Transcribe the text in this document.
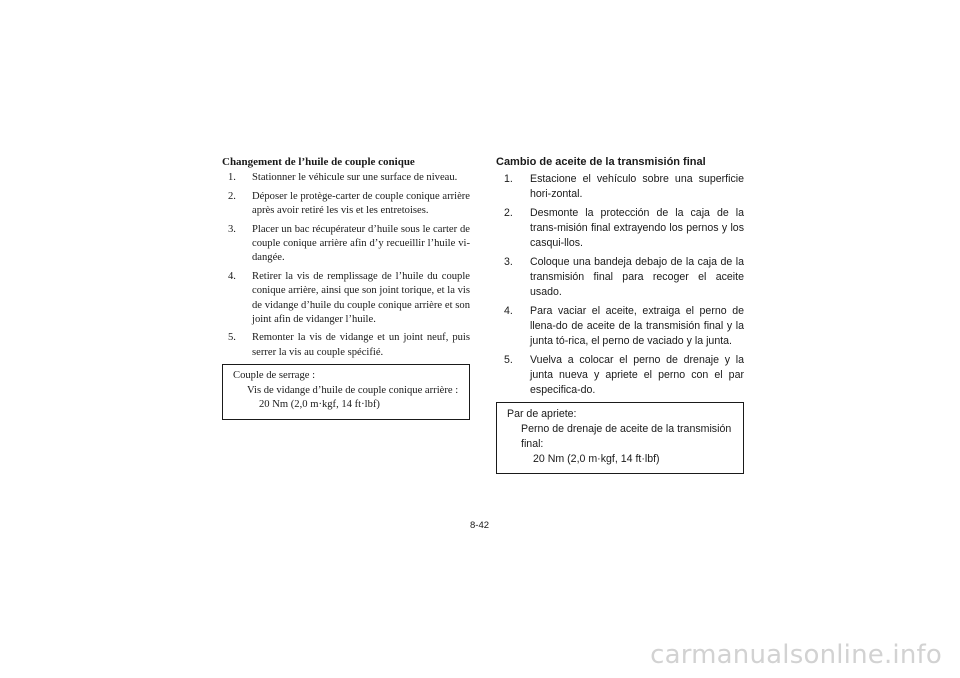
Changement de l’huile de couple conique
1.	Stationner le véhicule sur une surface de niveau.
2.	Déposer le protège-carter de couple conique arrière après avoir retiré les vis et les entretoises.
3.	Placer un bac récupérateur d’huile sous le carter de couple conique arrière afin d’y recueillir l’huile vi-dangée.
4.	Retirer la vis de remplissage de l’huile du couple conique arrière, ainsi que son joint torique, et la vis de vidange d’huile du couple conique arrière et son joint afin de vidanger l’huile.
5.	Remonter la vis de vidange et un joint neuf, puis serrer la vis au couple spécifié.
Couple de serrage :
Vis de vidange d’huile de couple conique arrière :
20 Nm (2,0 m·kgf, 14 ft·lbf)
Cambio de aceite de la transmisión final
1.	Estacione el vehículo sobre una superficie hori-zontal.
2.	Desmonte la protección de la caja de la trans-misión final extrayendo los pernos y los casqui-llos.
3.	Coloque una bandeja debajo de la caja de la transmisión final para recoger el aceite usado.
4.	Para vaciar el aceite, extraiga el perno de llena-do de aceite de la transmisión final y la junta tó-rica, el perno de vaciado y la junta.
5.	Vuelva a colocar el perno de drenaje y la junta nueva y apriete el perno con el par especifica-do.
Par de apriete:
Perno de drenaje de aceite de la transmisión final:
20 Nm (2,0 m·kgf, 14 ft·lbf)
8-42
carmanualsonline.info
